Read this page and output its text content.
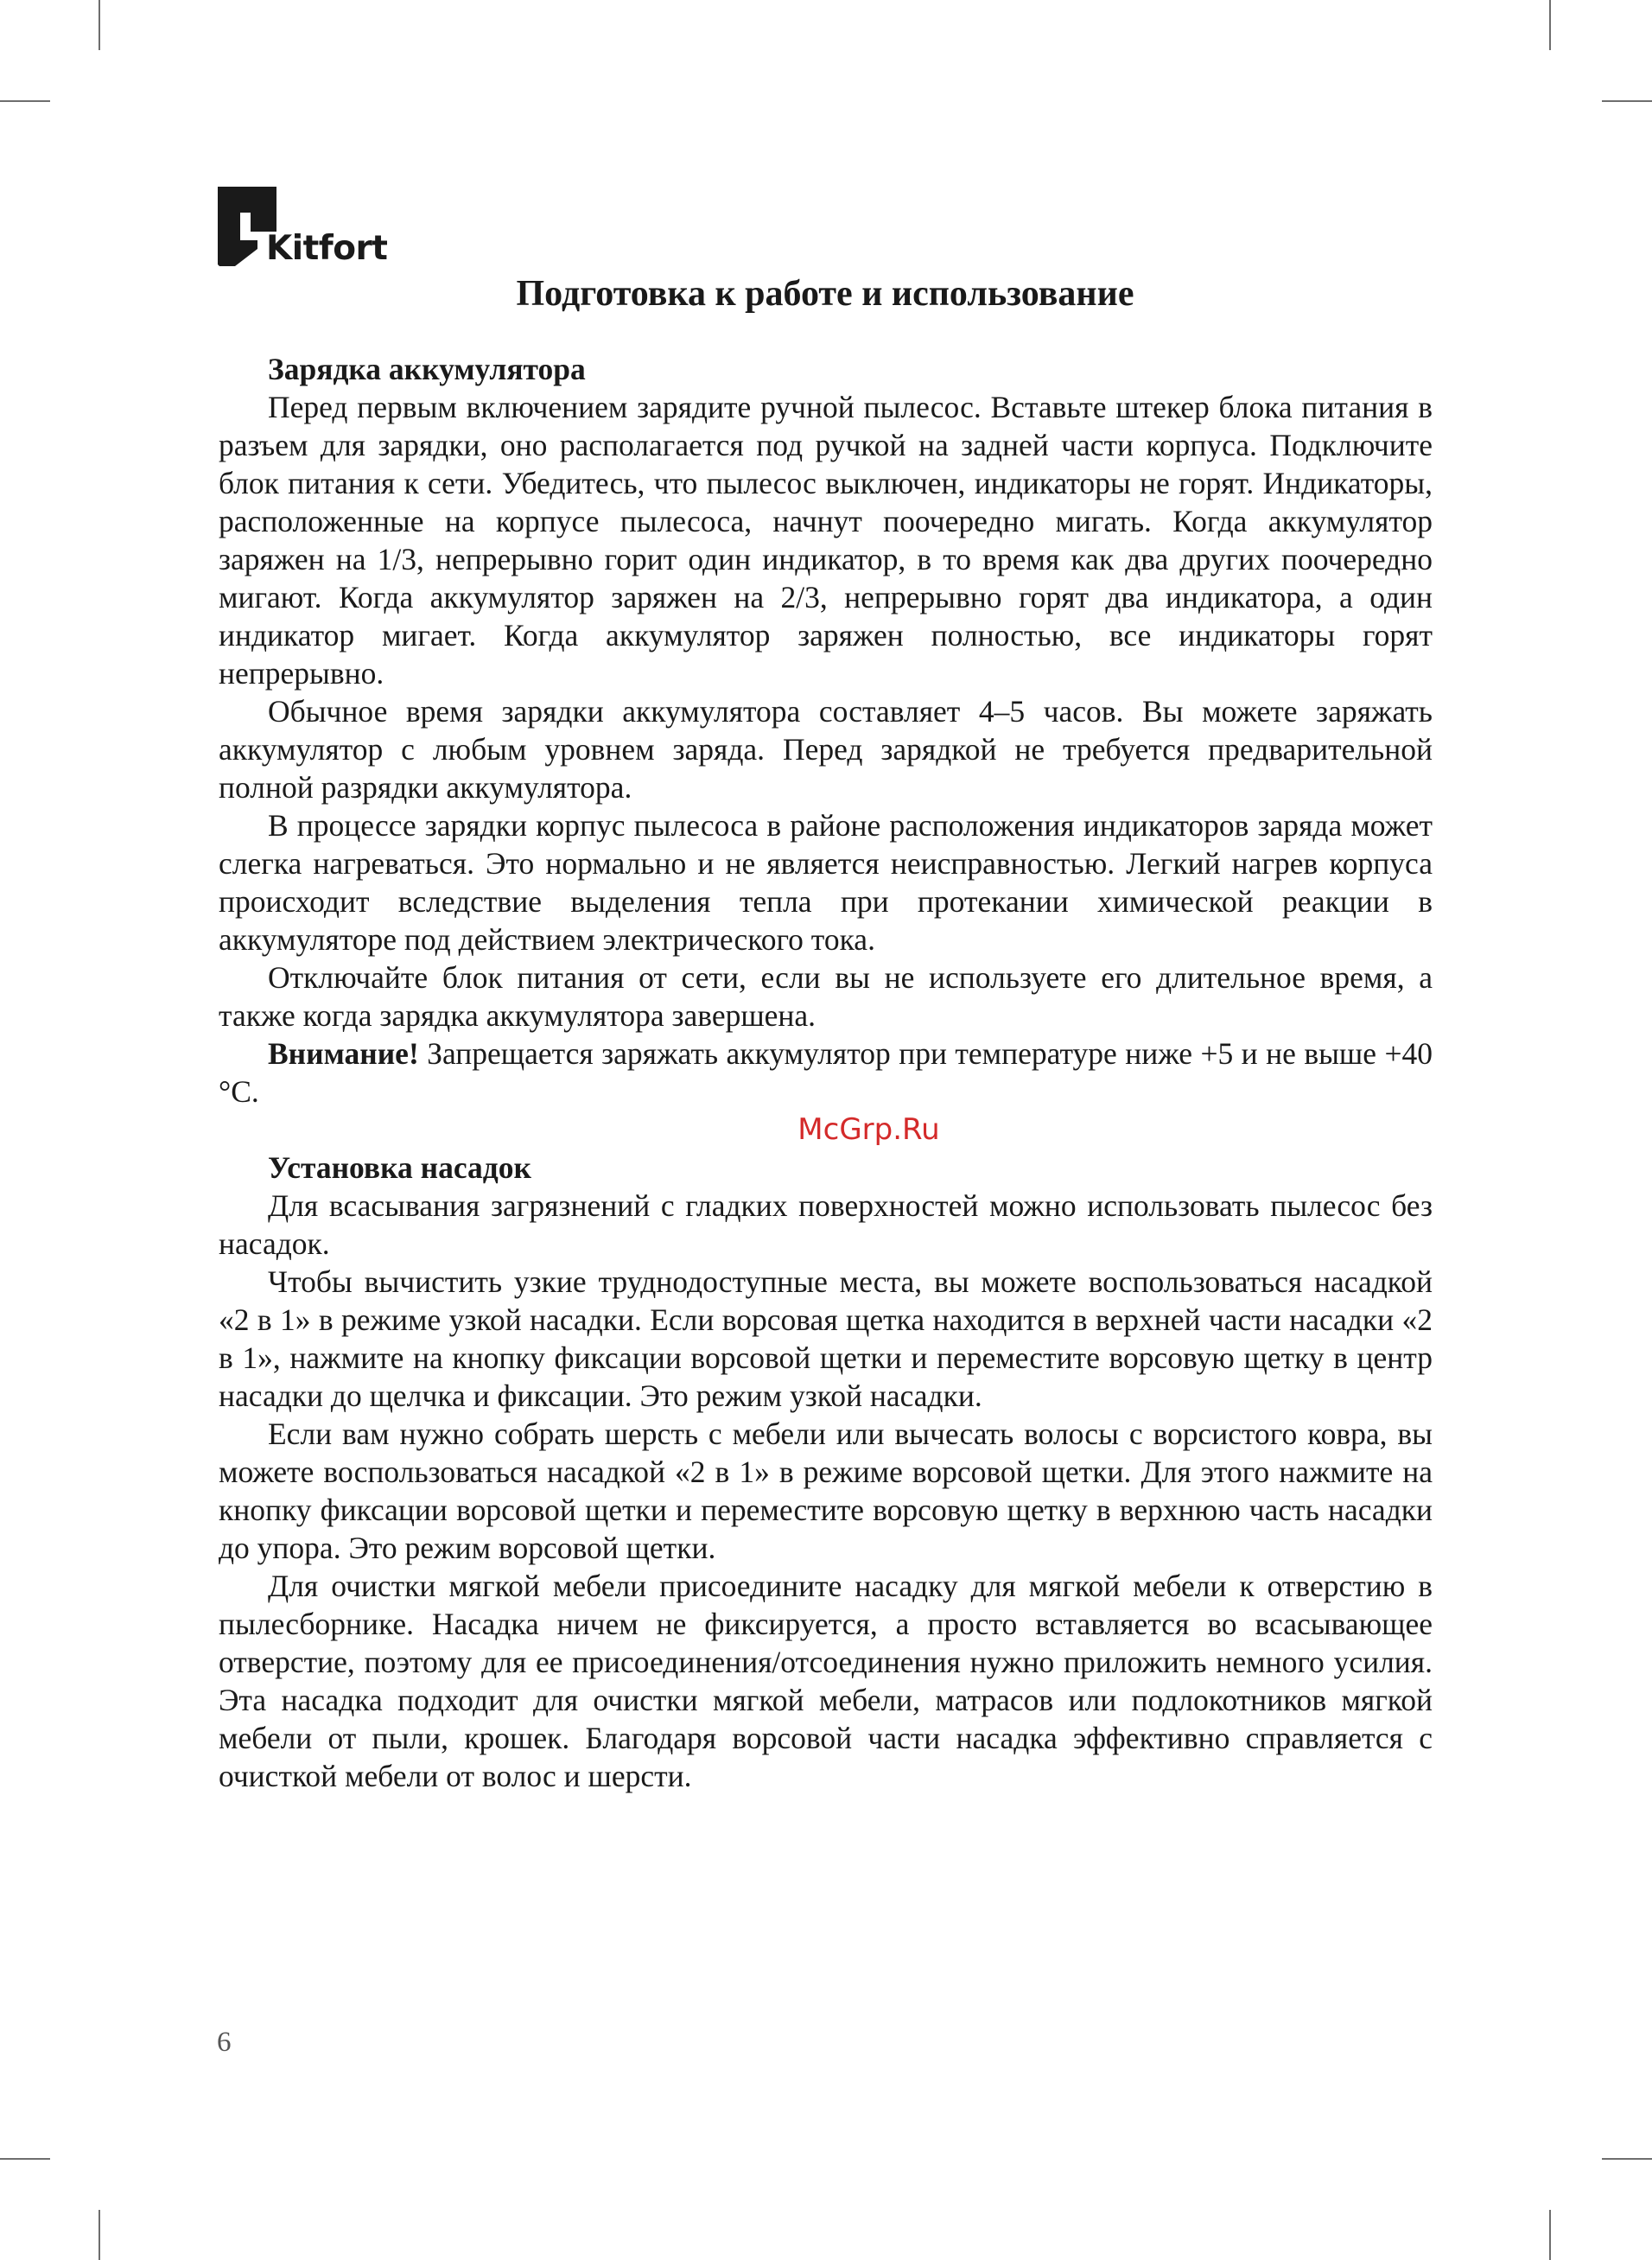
Kitfort
Подготовка к работе и использование
Зарядка аккумулятора

Перед первым включением зарядите ручной пылесос. Вставьте штекер блока питания в разъем для зарядки, оно располагается под ручкой на задней части корпуса. Подключите блок питания к сети. Убедитесь, что пылесос выключен, индикаторы не горят. Индикаторы, расположенные на корпусе пылесоса, начнут поочередно мигать. Когда аккумулятор заряжен на 1/3, непрерывно горит один индикатор, в то время как два других поочередно мигают. Когда аккумулятор заряжен на 2/3, непрерывно горят два индикатора, а один индикатор мигает. Когда аккумулятор заряжен полностью, все индикаторы горят непрерывно.

Обычное время зарядки аккумулятора составляет 4–5 часов. Вы можете заряжать аккумулятор с любым уровнем заряда. Перед зарядкой не требуется предварительной полной разрядки аккумулятора.

В процессе зарядки корпус пылесоса в районе расположения индикаторов заряда может слегка нагреваться. Это нормально и не является неисправностью. Легкий нагрев корпуса происходит вследствие выделения тепла при протекании химической реакции в аккумуляторе под действием электрического тока.

Отключайте блок питания от сети, если вы не используете его длительное время, а также когда зарядка аккумулятора завершена.

Внимание! Запрещается заряжать аккумулятор при температуре ниже +5 и не выше +40 °C.

McGrp.Ru
Установка насадок

Для всасывания загрязнений с гладких поверхностей можно использовать пылесос без насадок.

Чтобы вычистить узкие труднодоступные места, вы можете воспользоваться насадкой «2 в 1» в режиме узкой насадки. Если ворсовая щетка находится в верхней части насадки «2 в 1», нажмите на кнопку фиксации ворсовой щетки и переместите ворсовую щетку в центр насадки до щелчка и фиксации. Это режим узкой насадки.

Если вам нужно собрать шерсть с мебели или вычесать волосы с ворсистого ковра, вы можете воспользоваться насадкой «2 в 1» в режиме ворсовой щетки. Для этого нажмите на кнопку фиксации ворсовой щетки и переместите ворсовую щетку в верхнюю часть насадки до упора. Это режим ворсовой щетки.

Для очистки мягкой мебели присоедините насадку для мягкой мебели к отверстию в пылесборнике. Насадка ничем не фиксируется, а просто вставляется во всасывающее отверстие, поэтому для ее присоединения/отсоединения нужно приложить немного усилия. Эта насадка подходит для очистки мягкой мебели, матрасов или подлокотников мягкой мебели от пыли, крошек. Благодаря ворсовой части насадка эффективно справляется с очисткой мебели от волос и шерсти.

6
